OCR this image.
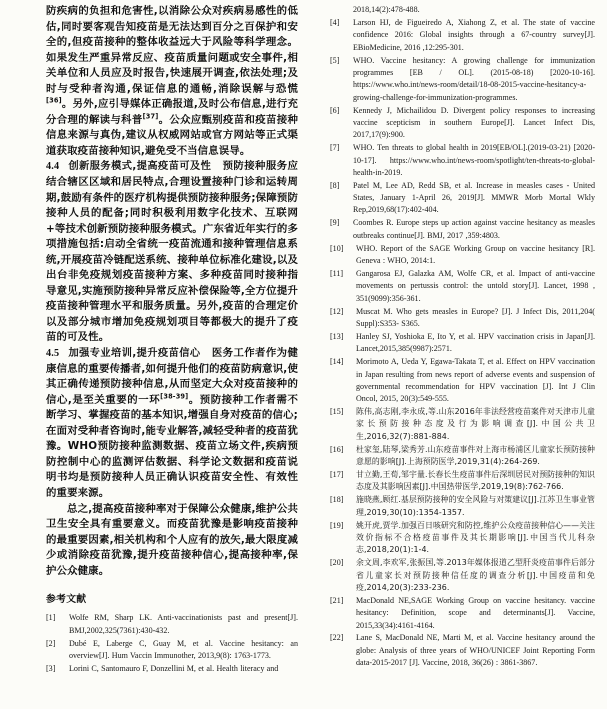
防疾病的负担和危害性,以消除公众对疾病易感性的低估,同时要客观告知疫苗是无法达到百分之百保护和安全的,但疫苗接种的整体收益远大于风险等科学理念。如果发生严重异常反应、疫苗质量问题或安全事件,相关单位和人员应及时报告,快速展开调查,依法处理;及时与受种者沟通,保证信息的通畅,消除误解与恐慌[36]。另外,应引导媒体正确报道,及时公布信息,进行充分合理的解读与科普[37]。公众应甄别疫苗和疫苗接种信息来源与真伪,建议从权威网站或官方网站等正式渠道获取疫苗接种知识,避免受不当信息误导。

4.4 创新服务模式,提高疫苗可及性 预防接种服务应结合辖区区域和居民特点,合理设置接种门诊和运转周期,鼓励有条件的医疗机构提供预防接种服务;保障预防接种人员的配备;同时积极利用数字化技术、互联网+等技术创新预防接种服务模式。广东省近年实行的多项措施包括:启动全省统一疫苗流通和接种管理信息系统,开展疫苗冷链配送系统、接种单位标准化建设,以及出台非免疫规划疫苗接种方案、多种疫苗同时接种指导意见,实施预防接种异常反应补偿保险等,全方位提升疫苗接种管理水平和服务质量。另外,疫苗的合理定价以及部分城市增加免疫规划项目等都极大的提升了疫苗的可及性。

4.5 加强专业培训,提升疫苗信心 医务工作者作为健康信息的重要传播者,如何提升他们的疫苗防病意识,使其正确传递预防接种信息,从而坚定大众对疫苗接种的信心,是至关重要的一环[38-39]。预防接种工作者需不断学习、掌握疫苗的基本知识,增强自身对疫苗的信心;在面对受种者咨询时,能专业解答,减轻受种者的疫苗犹豫。WHO预防接种监测数据、疫苗立场文件,疾病预防控制中心的监测评估数据、科学论文数据和疫苗说明书均是预防接种人员正确认识疫苗安全性、有效性的重要来源。

总之,提高疫苗接种率对于保障公众健康,维护公共卫生安全具有重要意义。而疫苗犹豫是影响疫苗接种的最重要因素,相关机构和个人应有的放矢,最大限度减少或消除疫苗犹豫,提升疫苗接种信心,提高接种率,保护公众健康。

参考文献
[1]	Wolfe RM, Sharp LK. Anti-vaccinationists past and present[J]. BMJ,2002,325(7361):430-432.
[2]	Dubé E, Laberge C, Guay M, et al. Vaccine hesitancy: an overview[J]. Hum Vaccin Immunother, 2013,9(8): 1763-1773.
[3]	Lorini C, Santomauro F, Donzellini M, et al. Health literacy and
2018,14(2):478-488.
[4]	Larson HJ, de Figueiredo A, Xiahong Z, et al. The state of vaccine confidence 2016: Global insights through a 67-country survey[J]. EBioMedicine, 2016 ,12:295-301.
[5]	WHO. Vaccine hesitancy: A growing challenge for immunization programmes [EB / OL]. (2015-08-18) [2020-10-16]. https://www.who.int/news-room/detail/18-08-2015-vaccine-hesitancy-a-growing-challenge-for-immunization-programmes.
[6]	Kennedy J, Michailidou D. Divergent policy responses to increasing vaccine scepticism in southern Europe[J]. Lancet Infect Dis, 2017,17(9):900.
[7]	WHO. Ten threats to global health in 2019[EB/OL].(2019-03-21) [2020-10-17]. https://www.who.int/news-room/spotlight/ten-threats-to-global-health-in-2019.
[8]	Patel M, Lee AD, Redd SB, et al. Increase in measles cases - United States, January 1-April 26, 2019[J]. MMWR Morb Mortal Wkly Rep,2019,68(17):402-404.
[9]	Coombes R. Europe steps up action against vaccine hesitancy as measles outbreaks continue[J]. BMJ, 2017 ,359:4803.
[10]	WHO. Report of the SAGE Working Group on vaccine hesitancy [R]. Geneva : WHO, 2014:1.
[11]	Gangarosa EJ, Galazka AM, Wolfe CR, et al. Impact of anti-vaccine movements on pertussis control: the untold story[J]. Lancet, 1998 , 351(9099):356-361.
[12]	Muscat M. Who gets measles in Europe? [J]. J Infect Dis, 2011,204( Suppl):S353- S365.
[13]	Hanley SJ, Yoshioka E, Ito Y, et al. HPV vaccination crisis in Japan[J]. Lancet,2015,385(9987):2571.
[14]	Morimoto A, Ueda Y, Egawa-Takata T, et al. Effect on HPV vaccination in Japan resulting from news report of adverse events and suspension of governmental recommendation for HPV vaccination [J]. Int J Clin Oncol, 2015, 20(3):549-555.
[15]	陈伟,高志刚,李永成,等.山东2016年非法经营疫苗案件对天津市儿童家长预防接种态度及行为影响调查[J].中国公共卫生,2016,32(7):881-884.
[16]	杜家玺,陆琴,梁秀芳.山东疫苗事件对上海市杨浦区儿童家长预防接种意愿的影响[J].上海预防医学,2019,31(4):264-269.
[17]	甘立勤,王荀,邹宇量.长春长生疫苗事件后深圳居民对预防接种的知识态度及其影响因素[J].中国热带医学,2019,19(8):762-766.
[18]	施晓燕,顾红.基层预防接种的安全风险与对策建议[J].江苏卫生事业管理,2019,30(10):1354-1357.
[19]	姚开虎,贾学.加强百日咳研究和防控,维护公众疫苗接种信心——关注效价指标不合格疫苗事件及其长期影响[J].中国当代儿科杂志,2018,20(1):1-4.
[20]	余文周,李欢军,张振国,等.2013年媒体报道乙型肝炎疫苗事件后部分省儿童家长对预防接种信任度的调查分析[J].中国疫苗和免疫,2014,20(3):233-236.
[21]	MacDonald NE,SAGE Working Group on vaccine hesitancy. vaccine hesitancy: Definition, scope and determinants[J]. Vaccine, 2015,33(34):4161-4164.
[22]	Lane S, MacDonald NE, Marti M, et al. Vaccine hesitancy around the globe: Analysis of three years of WHO/UNICEF Joint Reporting Form data-2015-2017 [J]. Vaccine, 2018, 36(26) : 3861-3867.
